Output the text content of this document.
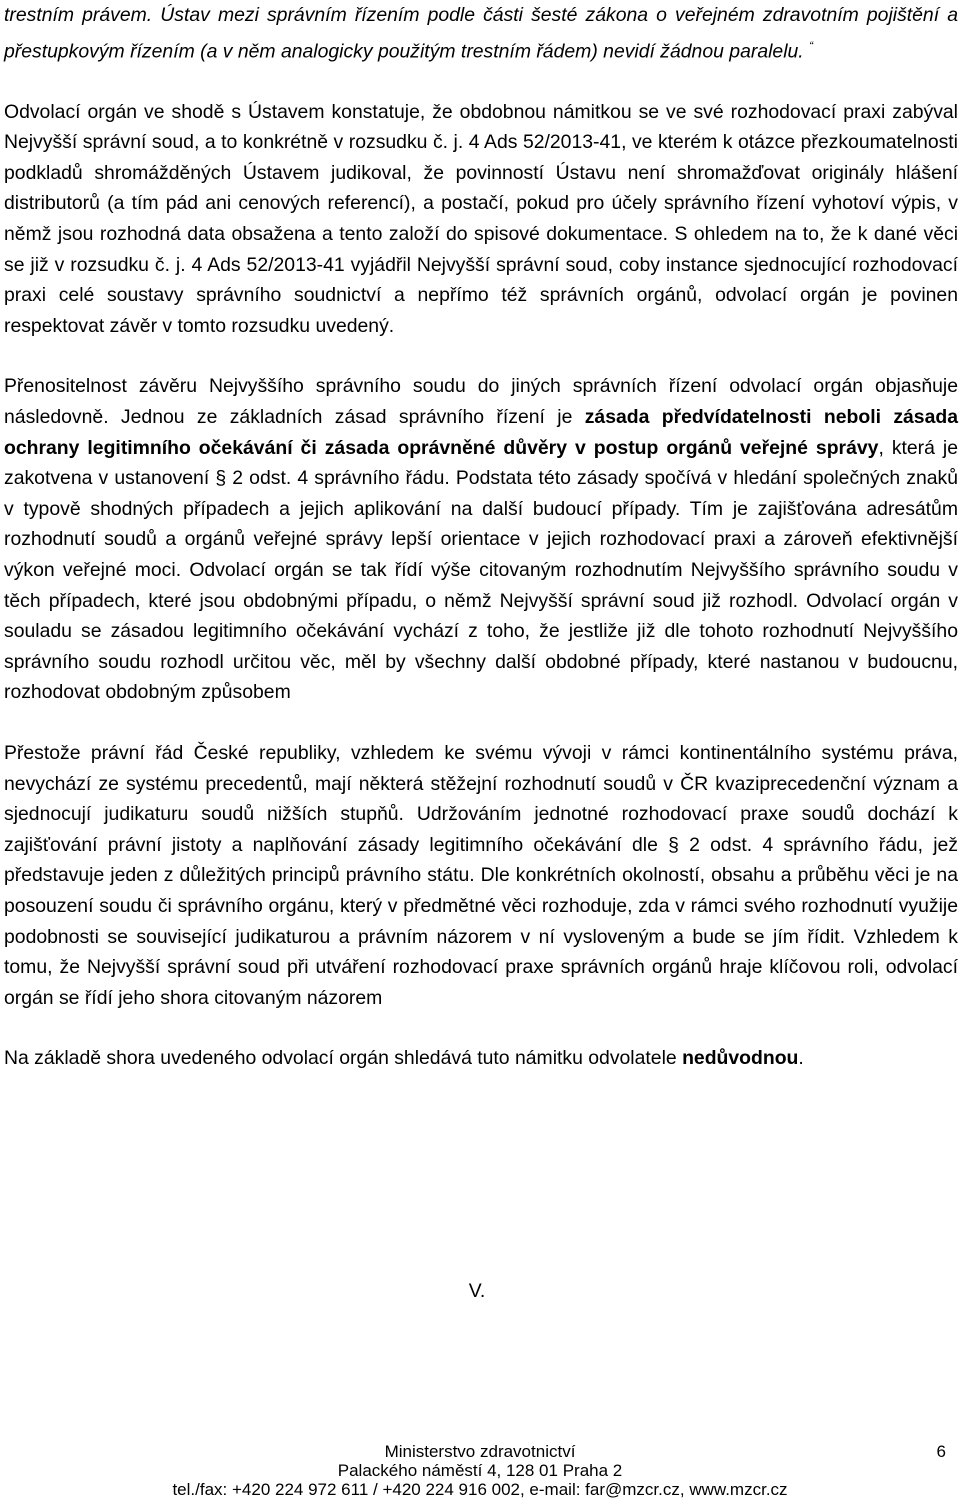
trestním právem. Ústav mezi správním řízením podle části šesté zákona o veřejném zdravotním pojištění a přestupkovým řízením (a v něm analogicky použitým trestním řádem) nevidí žádnou paralelu. “

Odvolací orgán ve shodě s Ústavem konstatuje, že obdobnou námitkou se ve své rozhodovací praxi zabýval Nejvyšší správní soud, a to konkrétně v rozsudku č. j. 4 Ads 52/2013-41, ve kterém k otázce přezkoumatelnosti podkladů shromážděných Ústavem judikoval, že povinností Ústavu není shromažďovat originály hlášení distributorů (a tím pád ani cenových referencí), a postačí, pokud pro účely správního řízení vyhotoví výpis, v němž jsou rozhodná data obsažena a tento založí do spisové dokumentace. S ohledem na to, že k dané věci se již v rozsudku č. j. 4 Ads 52/2013-41 vyjádřil Nejvyšší správní soud, coby instance sjednocující rozhodovací praxi celé soustavy správního soudnictví a nepřímo též správních orgánů, odvolací orgán je povinen respektovat závěr v tomto rozsudku uvedený.

Přenositelnost závěru Nejvyššího správního soudu do jiných správních řízení odvolací orgán objasňuje následovně. Jednou ze základních zásad správního řízení je zásada předvídatelnosti neboli zásada ochrany legitimního očekávání či zásada oprávněné důvěry v postup orgánů veřejné správy, která je zakotvena v ustanovení § 2 odst. 4 správního řádu. Podstata této zásady spočívá v hledání společných znaků v typově shodných případech a jejich aplikování na další budoucí případy. Tím je zajišťována adresátům rozhodnutí soudů a orgánů veřejné správy lepší orientace v jejich rozhodovací praxi a zároveň efektivnější výkon veřejné moci. Odvolací orgán se tak řídí výše citovaným rozhodnutím Nejvyššího správního soudu v těch případech, které jsou obdobnými případu, o němž Nejvyšší správní soud již rozhodl. Odvolací orgán v souladu se zásadou legitimního očekávání vychází z toho, že jestliže již dle tohoto rozhodnutí Nejvyššího správního soudu rozhodl určitou věc, měl by všechny další obdobné případy, které nastanou v budoucnu, rozhodovat obdobným způsobem

Přestože právní řád České republiky, vzhledem ke svému vývoji v rámci kontinentálního systému práva, nevychází ze systému precedentů, mají některá stěžejní rozhodnutí soudů v ČR kvaziprecedenční význam a sjednocují judikaturu soudů nižších stupňů. Udržováním jednotné rozhodovací praxe soudů dochází k zajišťování právní jistoty a naplňování zásady legitimního očekávání dle § 2 odst. 4 správního řádu, jež představuje jeden z důležitých principů právního státu. Dle konkrétních okolností, obsahu a průběhu věci je na posouzení soudu či správního orgánu, který v předmětné věci rozhoduje, zda v rámci svého rozhodnutí využije podobnosti se související judikaturou a právním názorem v ní vysloveným a bude se jím řídit. Vzhledem k tomu, že Nejvyšší správní soud při utváření rozhodovací praxe správních orgánů hraje klíčovou roli, odvolací orgán se řídí jeho shora citovaným názorem

Na základě shora uvedeného odvolací orgán shledává tuto námitku odvolatele nedůvodnou.

V.
Ministerstvo zdravotnictví	6
Palackého náměstí 4, 128 01 Praha 2
tel./fax: +420 224 972 611 / +420 224 916 002, e-mail: far@mzcr.cz, www.mzcr.cz
